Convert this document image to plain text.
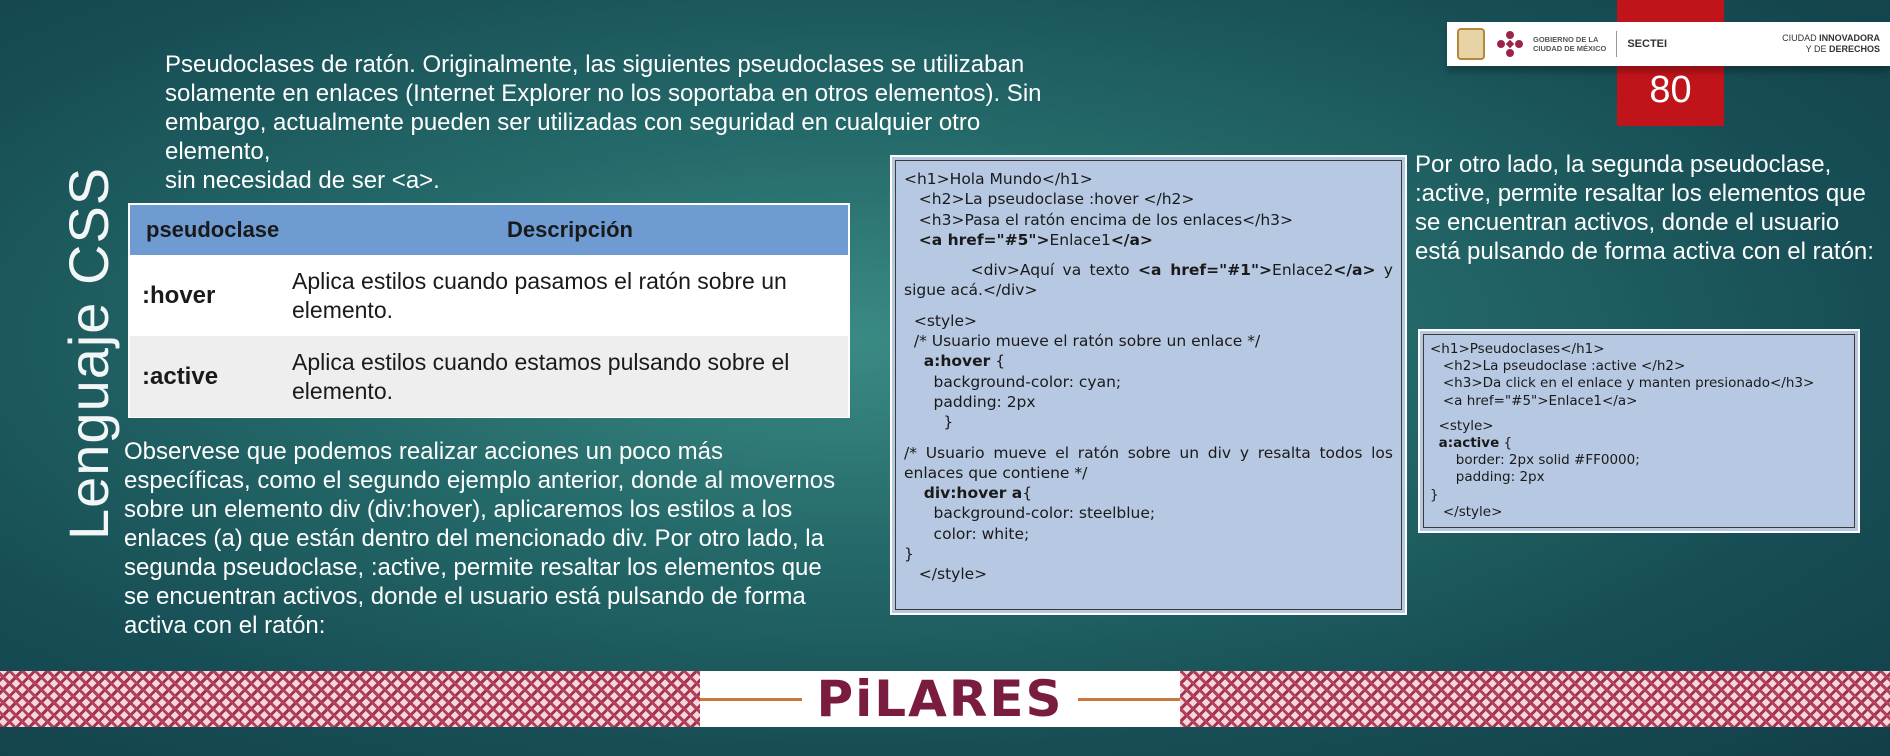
Lenguaje CSS
Pseudoclases de ratón. Originalmente, las siguientes pseudoclases se utilizaban
solamente en enlaces (Internet Explorer no los soportaba en otros elementos). Sin
embargo, actualmente pueden ser utilizadas con seguridad en cualquier otro
elemento,
sin necesidad de ser <a>.
pseudoclase	Descripción
:hover
Aplica estilos cuando pasamos el ratón sobre un elemento.
:active
Aplica estilos cuando estamos pulsando sobre el elemento.
Observese que podemos realizar acciones un poco más específicas, como el segundo ejemplo anterior, donde al movernos sobre un elemento div (div:hover), aplicaremos los estilos a los enlaces (a) que están dentro del mencionado div. Por otro lado, la segunda pseudoclase, :active, permite resaltar los elementos que se encuentran activos, donde el usuario está pulsando de forma activa con el ratón:
<h1>Hola Mundo</h1>
<h2>La pseudoclase :hover </h2>
<h3>Pasa el ratón encima de los enlaces</h3>
<a href="#5">Enlace1</a>
<div>Aquí va texto <a href="#1">Enlace2</a> y sigue acá.</div>
<style>
/* Usuario mueve el ratón sobre un enlace */
a:hover {
background-color: cyan;
padding: 2px
}
/* Usuario mueve el ratón sobre un div y resalta todos los enlaces que contiene */
div:hover a{
background-color: steelblue;
color: white;
}
</style>
Por otro lado, la segunda pseudoclase, :active, permite resaltar los elementos que se encuentran activos, donde el usuario está pulsando de forma activa con el ratón:
<h1>Pseudoclases</h1>
<h2>La pseudoclase :active </h2>
<h3>Da click en el enlace y manten presionado</h3>
<a href="#5">Enlace1</a>
<style>
a:active {
border: 2px solid #FF0000;
padding: 2px
}
</style>
80
GOBIERNO DE LA
CIUDAD DE MÉXICO SECTEI	CIUDAD INNOVADORA
Y DE DERECHOS
PiLARES
